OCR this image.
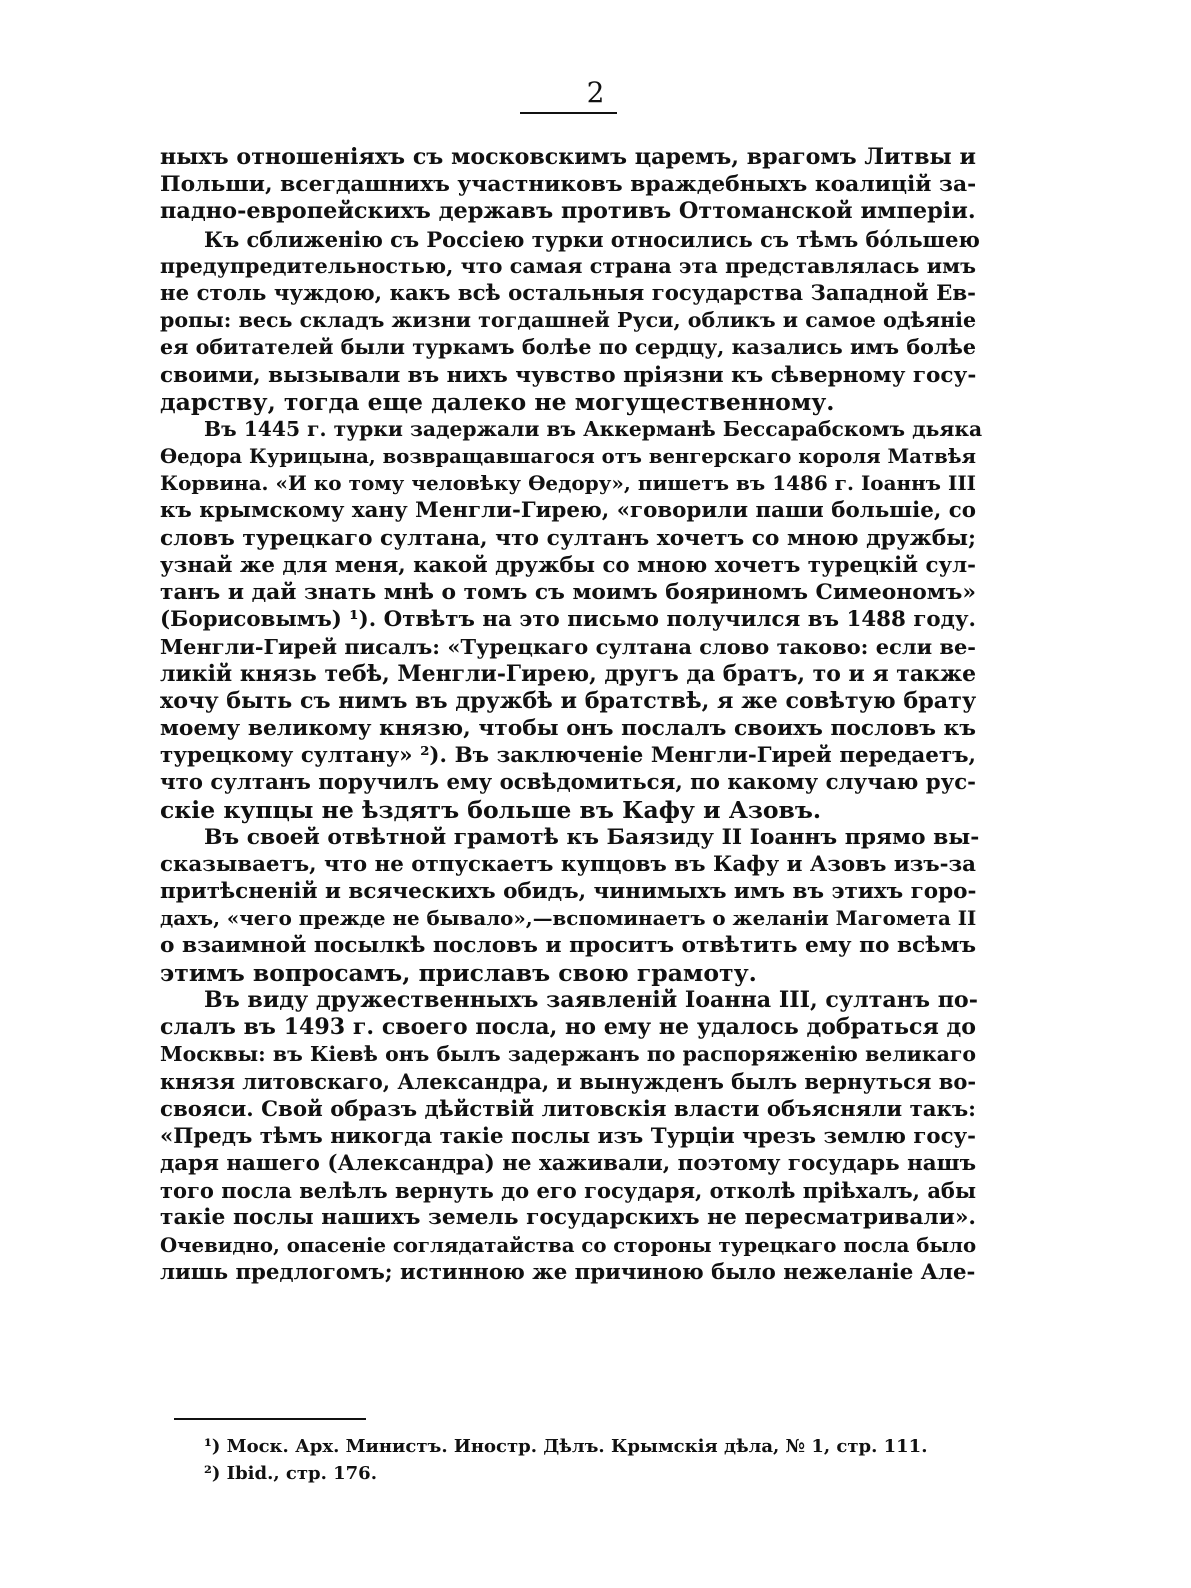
2
ныхъ отношеніяхъ съ московскимъ царемъ, врагомъ Литвы и
Польши, всегдашнихъ участниковъ враждебныхъ коалицій за-
падно-европейскихъ державъ противъ Оттоманской имперіи.
Къ сближенію съ Россіею турки относились съ тѣмъ бо́льшею
предупредительностью, что самая страна эта представлялась имъ
не столь чуждою, какъ всѣ остальныя государства Западной Ев-
ропы: весь складъ жизни тогдашней Руси, обликъ и самое одѣяніе
ея обитателей были туркамъ болѣе по сердцу, казались имъ болѣе
своими, вызывали въ нихъ чувство пріязни къ сѣверному госу-
дарству, тогда еще далеко не могущественному.
Въ 1445 г. турки задержали въ Аккерманѣ Бессарабскомъ дьяка
Ѳедора Курицына, возвращавшагося отъ венгерскаго короля Матвѣя
Корвина. «И ко тому человѣку Ѳедору», пишетъ въ 1486 г. Іоаннъ III
къ крымскому хану Менгли-Гирею, «говорили паши большіе, со
словъ турецкаго султана, что султанъ хочетъ со мною дружбы;
узнай же для меня, какой дружбы со мною хочетъ турецкій сул-
танъ и дай знать мнѣ о томъ съ моимъ бояриномъ Симеономъ»
(Борисовымъ) ¹). Отвѣтъ на это письмо получился въ 1488 году.
Менгли-Гирей писалъ: «Турецкаго султана слово таково: если ве-
ликій князь тебѣ, Менгли-Гирею, другъ да братъ, то и я также
хочу быть съ нимъ въ дружбѣ и братствѣ, я же совѣтую брату
моему великому князю, чтобы онъ послалъ своихъ пословъ къ
турецкому султану» ²). Въ заключеніе Менгли-Гирей передаетъ,
что султанъ поручилъ ему освѣдомиться, по какому случаю рус-
скіе купцы не ѣздятъ больше въ Кафу и Азовъ.
Въ своей отвѣтной грамотѣ къ Баязиду II Іоаннъ прямо вы-
сказываетъ, что не отпускаетъ купцовъ въ Кафу и Азовъ изъ-за
притѣсненій и всяческихъ обидъ, чинимыхъ имъ въ этихъ горо-
дахъ, «чего прежде не бывало»,—вспоминаетъ о желаніи Магомета II
о взаимной посылкѣ пословъ и проситъ отвѣтить ему по всѣмъ
этимъ вопросамъ, приславъ свою грамоту.
Въ виду дружественныхъ заявленій Іоанна III, султанъ по-
слалъ въ 1493 г. своего посла, но ему не удалось добраться до
Москвы: въ Кіевѣ онъ былъ задержанъ по распоряженію великаго
князя литовскаго, Александра, и вынужденъ былъ вернуться во-
свояси. Свой образъ дѣйствій литовскія власти объясняли такъ:
«Предъ тѣмъ никогда такіе послы изъ Турціи чрезъ землю госу-
даря нашего (Александра) не хаживали, поэтому государь нашъ
того посла велѣлъ вернуть до его государя, отколѣ пріѣхалъ, абы
такіе послы нашихъ земель государскихъ не пересматривали».
Очевидно, опасеніе соглядатайства со стороны турецкаго посла было
лишь предлогомъ; истинною же причиною было нежеланіе Але-
¹) Моск. Арх. Министъ. Иностр. Дѣлъ. Крымскія дѣла, № 1, стр. 111.
²) Ibid., стр. 176.
